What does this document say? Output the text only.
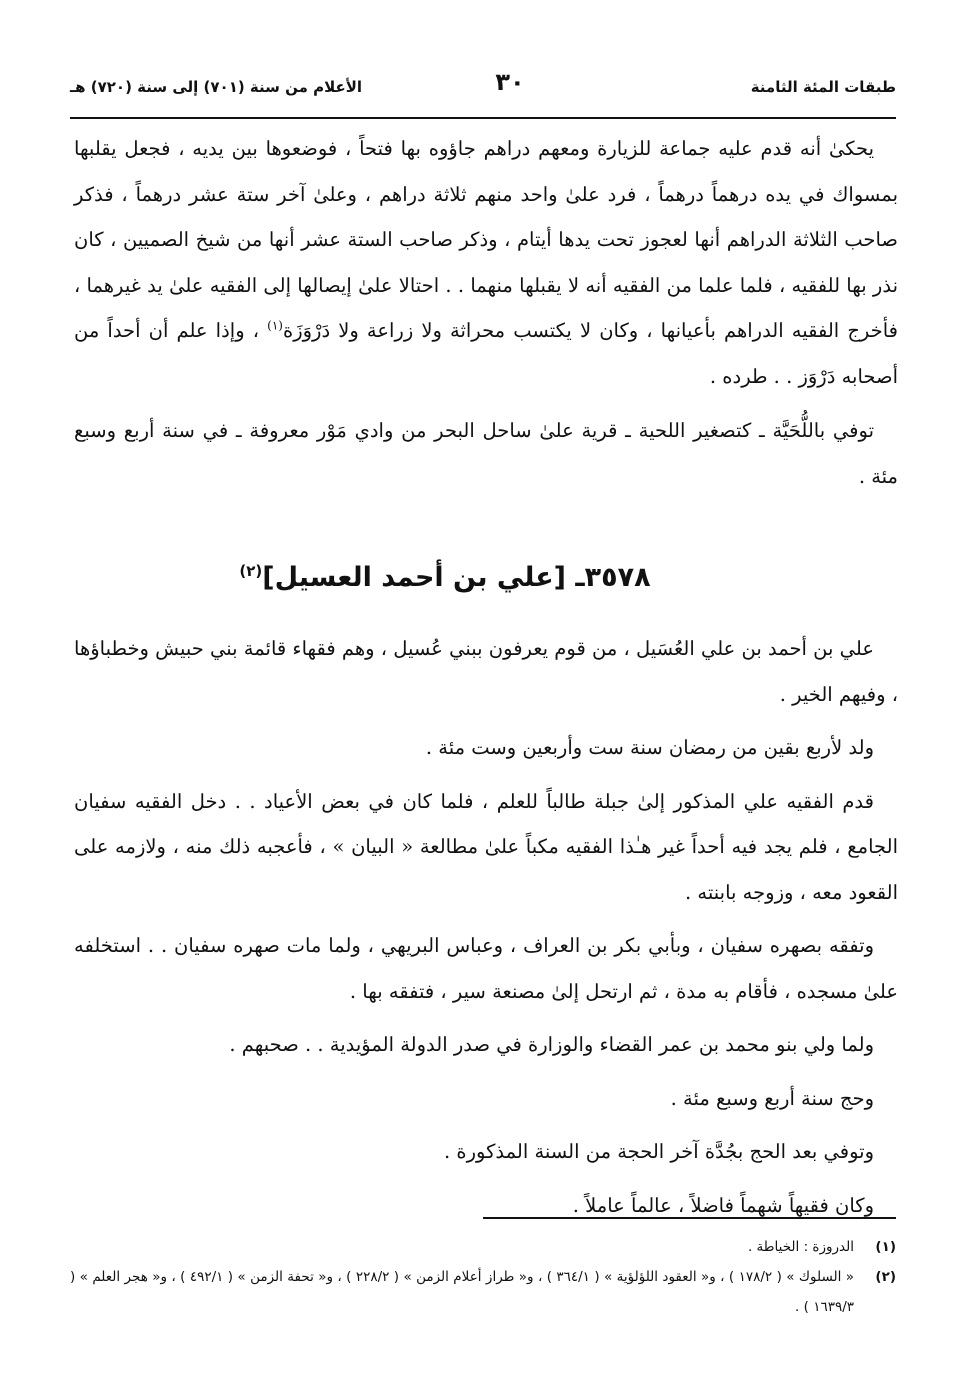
طبقات المئة الثامنة
٣٠
الأعلام من سنة (٧٠١) إلى سنة (٧٢٠) هـ

يحكىٰ أنه قدم عليه جماعة للزيارة ومعهم دراهم جاؤوه بها فتحاً ، فوضعوها بين يديه ، فجعل يقلبها بمسواك في يده درهماً درهماً ، فرد علىٰ واحد منهم ثلاثة دراهم ، وعلىٰ آخر ستة عشر درهماً ، فذكر صاحب الثلاثة الدراهم أنها لعجوز تحت يدها أيتام ، وذكر صاحب الستة عشر أنها من شيخ الصميين ، كان نذر بها للفقيه ، فلما علما من الفقيه أنه لا يقبلها منهما . . احتالا علىٰ إيصالها إلى الفقيه علىٰ يد غيرهما ، فأخرج الفقيه الدراهم بأعيانها ، وكان لا يكتسب محراثة ولا زراعة ولا دَرْوَزَة$^{(١)}$ ، وإذا علم أن أحداً من أصحابه دَرْوَز . . طرده .

توفي باللُّحَيَّة ـ كتصغير اللحية ـ قرية علىٰ ساحل البحر من وادي مَوْر معروفة ـ في سنة أربع وسبع مئة .

٣٥٧٨ـ [علي بن أحمد العسيل]$^{(٢)}$

علي بن أحمد بن علي العُسَيل ، من قوم يعرفون ببني عُسيل ، وهم فقهاء قائمة بني حبيش وخطباؤها ، وفيهم الخير .

ولد لأربع بقين من رمضان سنة ست وأربعين وست مئة .

قدم الفقيه علي المذكور إلىٰ جبلة طالباً للعلم ، فلما كان في بعض الأعياد . . دخل الفقيه سفيان الجامع ، فلم يجد فيه أحداً غير هـٰذا الفقيه مكباً علىٰ مطالعة « البيان » ، فأعجبه ذلك منه ، ولازمه على القعود معه ، وزوجه بابنته .

وتفقه بصهره سفيان ، وبأبي بكر بن العراف ، وعباس البريهي ، ولما مات صهره سفيان . . استخلفه علىٰ مسجده ، فأقام به مدة ، ثم ارتحل إلىٰ مصنعة سير ، فتفقه بها .

ولما ولي بنو محمد بن عمر القضاء والوزارة في صدر الدولة المؤيدية . . صحبهم .

وحج سنة أربع وسبع مئة .

وتوفي بعد الحج بجُدَّة آخر الحجة من السنة المذكورة .

وكان فقيهاً شهماً فاضلاً ، عالماً عاملاً .

(١)
الدروزة : الخياطة .
(٢)
« السلوك » ( ١٧٨/٢ ) ، و« العقود اللؤلؤية » ( ٣٦٤/١ ) ، و« طراز أعلام الزمن » ( ٢٢٨/٢ ) ، و« تحفة الزمن » ( ٤٩٢/١ ) ، و« هجر العلم » ( ١٦٣٩/٣ ) .
